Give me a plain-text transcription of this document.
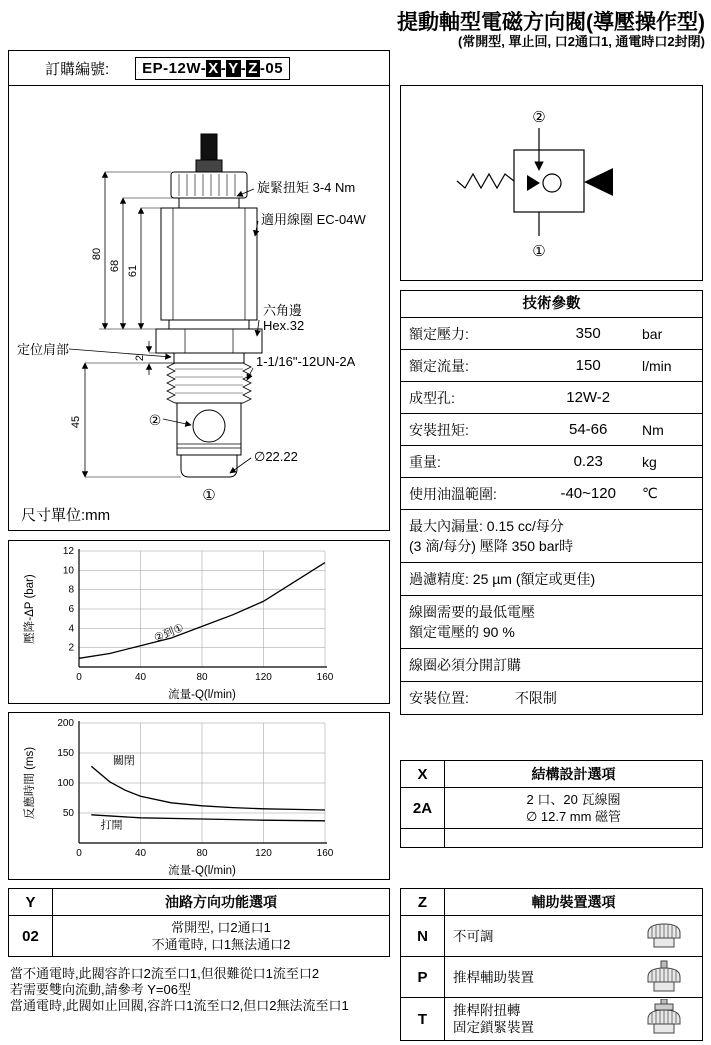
提動軸型電磁方向閥(導壓操作型)
(常開型, 單止回, 口2通口1, 通電時口2封閉)
訂購編號:	EP-12W- X - Y - Z -05
80
68 61
2
45
旋緊扭矩 3-4 Nm
適用線圈 EC-04W
六角邊
Hex.32
1-1/16"-12UN-2A
∅22.22
定位肩部
②
①
尺寸單位:mm
②
①
技術參數
額定壓力:	350	bar
額定流量:	150	l/min
成型孔:	12W-2
安裝扭矩:	54-66	Nm
重量:	0.23	kg
使用油溫範圍:	-40~120	℃
最大內漏量: 0.15 cc/每分
(3 滴/每分) 壓降 350 bar時
過濾精度: 25 µm (額定或更佳)
線圈需要的最低電壓
額定電壓的 90 %
線圈必須分開訂購
安裝位置:	不限制
0	40	80	120	160
2
4
6
8
10
12
②到①
流量-Q(l/min)
壓降-ΔP (bar)
0	40	80	120	160
50
100
150
200
關閉
打開
流量-Q(l/min)
反應時間 (ms)
Y	油路方向功能選項
02	常開型, 口2通口1
不通電時, 口1無法通口2
當不通電時,此閥容許口2流至口1,但很難從口1流至口2
若需要雙向流動,請參考 Y=06型
當通電時,此閥如止回閥,容許口1流至口2,但口2無法流至口1
X	結構設計選項
2A	2 口、20 瓦線圈
∅ 12.7 mm 磁管
Z	輔助裝置選項
N	不可調
P	推桿輔助裝置
T	推桿附扭轉
固定鎖緊裝置
